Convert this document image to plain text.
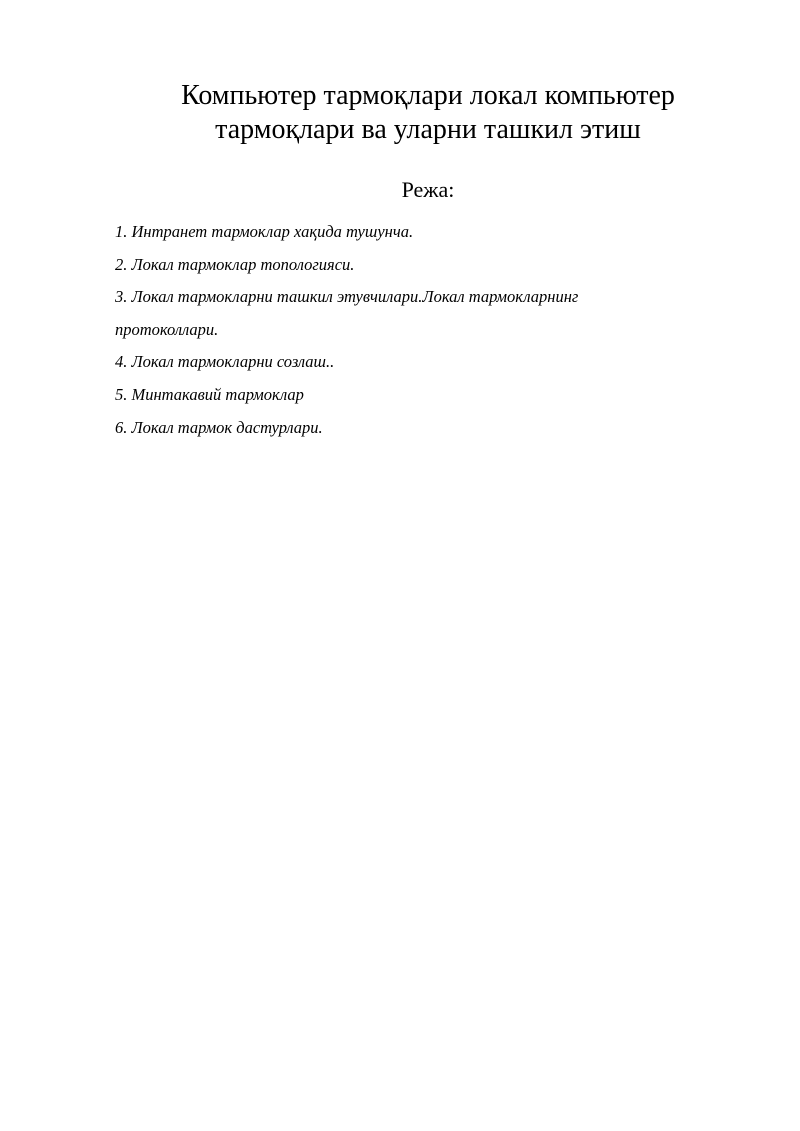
Компьютер тармоқлари локал компьютер
тармоқлари ва уларни ташкил этиш
Режа:
1. Интранет тармоклар хақида тушунча.
2. Локал тармоклар топологияси.
3. Локал тармокларни ташкил этувчилари.Локал тармокларнинг
протоколлари.
4. Локал тармокларни созлаш..
5. Минтакавий тармоклар
6. Локал тармок дастурлари.
